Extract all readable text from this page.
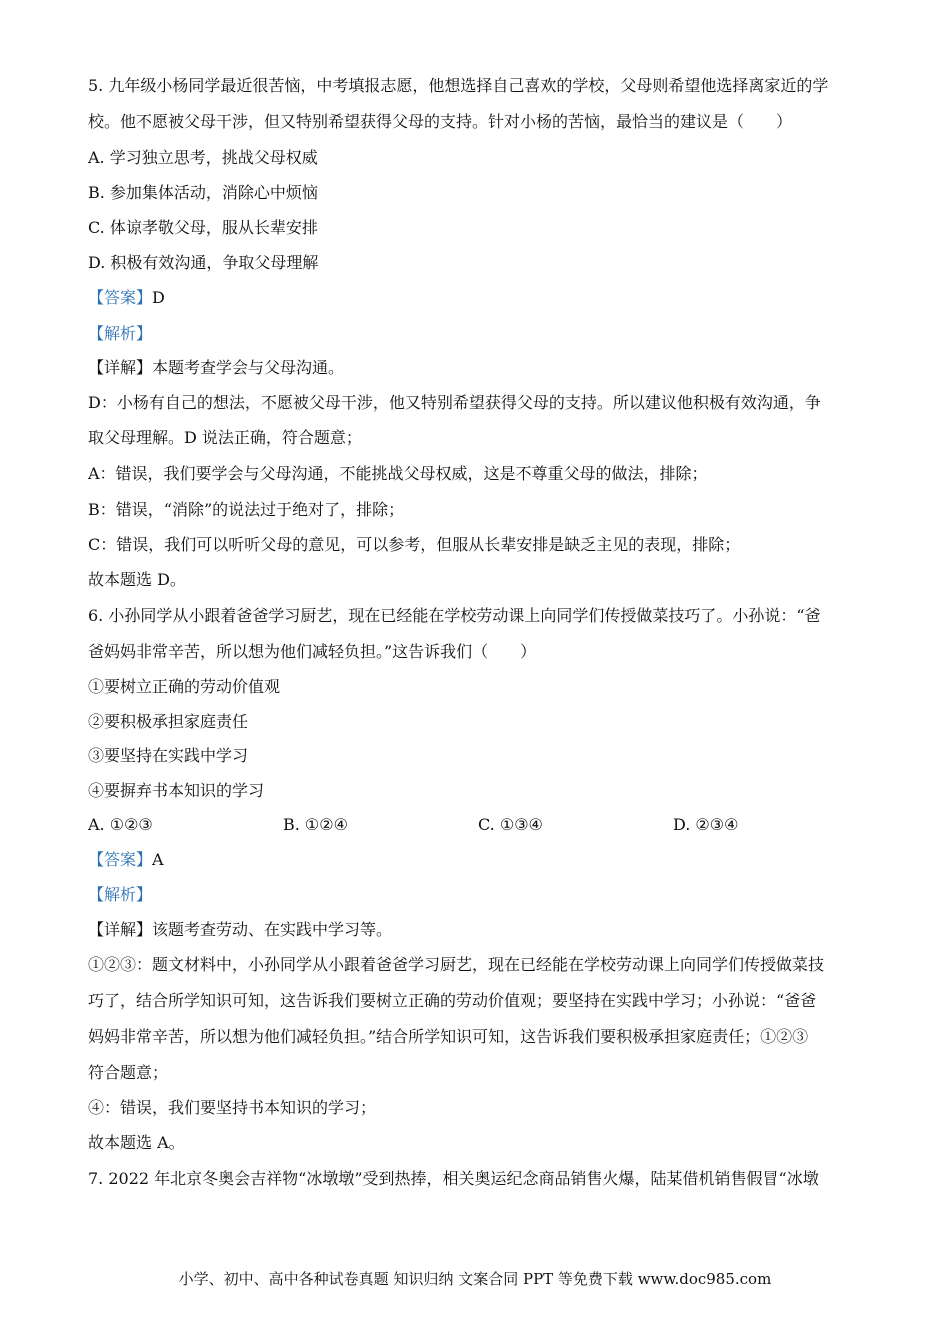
5. 九年级小杨同学最近很苦恼，中考填报志愿，他想选择自己喜欢的学校，父母则希望他选择离家近的学
校。他不愿被父母干涉，但又特别希望获得父母的支持。针对小杨的苦恼，最恰当的建议是（　　）
A. 学习独立思考，挑战父母权威
B. 参加集体活动，消除心中烦恼
C. 体谅孝敬父母，服从长辈安排
D. 积极有效沟通，争取父母理解
【答案】D
【解析】
【详解】本题考查学会与父母沟通。
D：小杨有自己的想法，不愿被父母干涉，他又特别希望获得父母的支持。所以建议他积极有效沟通，争
取父母理解。D 说法正确，符合题意；
A：错误，我们要学会与父母沟通，不能挑战父母权威，这是不尊重父母的做法，排除；
B：错误，“消除”的说法过于绝对了，排除；
C：错误，我们可以听听父母的意见，可以参考，但服从长辈安排是缺乏主见的表现，排除；
故本题选 D。
6. 小孙同学从小跟着爸爸学习厨艺，现在已经能在学校劳动课上向同学们传授做菜技巧了。小孙说：“爸
爸妈妈非常辛苦，所以想为他们减轻负担。”这告诉我们（　　）
①要树立正确的劳动价值观
②要积极承担家庭责任
③要坚持在实践中学习
④要摒弃书本知识的学习
A. ①②③	B. ①②④	C. ①③④	D. ②③④
【答案】A
【解析】
【详解】该题考查劳动、在实践中学习等。
①②③：题文材料中，小孙同学从小跟着爸爸学习厨艺，现在已经能在学校劳动课上向同学们传授做菜技
巧了，结合所学知识可知，这告诉我们要树立正确的劳动价值观；要坚持在实践中学习；小孙说：“爸爸
妈妈非常辛苦，所以想为他们减轻负担。”结合所学知识可知，这告诉我们要积极承担家庭责任；①②③
符合题意；
④：错误，我们要坚持书本知识的学习；
故本题选 A。
7. 2022 年北京冬奥会吉祥物“冰墩墩”受到热捧，相关奥运纪念商品销售火爆，陆某借机销售假冒“冰墩
小学、初中、高中各种试卷真题 知识归纳 文案合同 PPT 等免费下载 www.doc985.com
